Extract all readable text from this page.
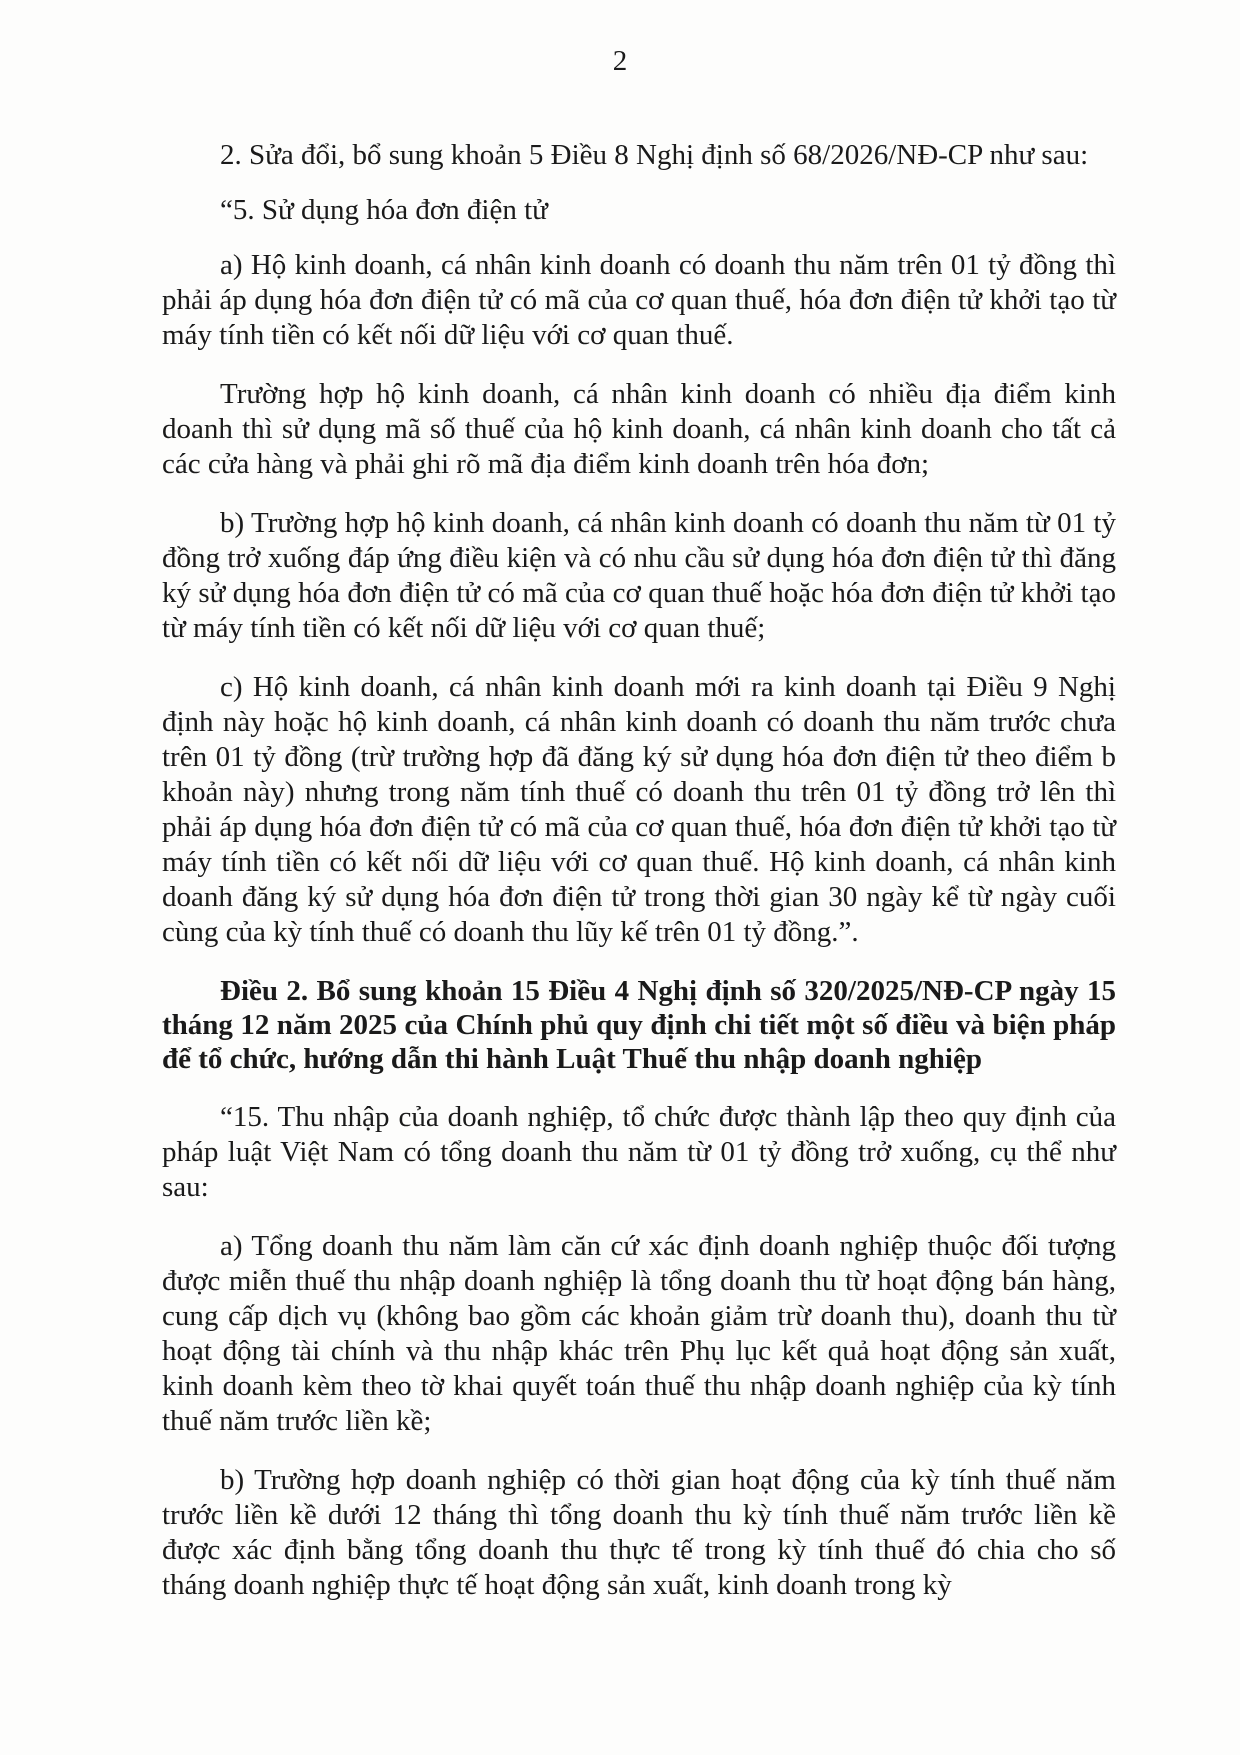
2

2. Sửa đổi, bổ sung khoản 5 Điều 8 Nghị định số 68/2026/NĐ-CP như sau:

“5. Sử dụng hóa đơn điện tử

a) Hộ kinh doanh, cá nhân kinh doanh có doanh thu năm trên 01 tỷ đồng thì phải áp dụng hóa đơn điện tử có mã của cơ quan thuế, hóa đơn điện tử khởi tạo từ máy tính tiền có kết nối dữ liệu với cơ quan thuế.

Trường hợp hộ kinh doanh, cá nhân kinh doanh có nhiều địa điểm kinh doanh thì sử dụng mã số thuế của hộ kinh doanh, cá nhân kinh doanh cho tất cả các cửa hàng và phải ghi rõ mã địa điểm kinh doanh trên hóa đơn;

b) Trường hợp hộ kinh doanh, cá nhân kinh doanh có doanh thu năm từ 01 tỷ đồng trở xuống đáp ứng điều kiện và có nhu cầu sử dụng hóa đơn điện tử thì đăng ký sử dụng hóa đơn điện tử có mã của cơ quan thuế hoặc hóa đơn điện tử khởi tạo từ máy tính tiền có kết nối dữ liệu với cơ quan thuế;

c) Hộ kinh doanh, cá nhân kinh doanh mới ra kinh doanh tại Điều 9 Nghị định này hoặc hộ kinh doanh, cá nhân kinh doanh có doanh thu năm trước chưa trên 01 tỷ đồng (trừ trường hợp đã đăng ký sử dụng hóa đơn điện tử theo điểm b khoản này) nhưng trong năm tính thuế có doanh thu trên 01 tỷ đồng trở lên thì phải áp dụng hóa đơn điện tử có mã của cơ quan thuế, hóa đơn điện tử khởi tạo từ máy tính tiền có kết nối dữ liệu với cơ quan thuế. Hộ kinh doanh, cá nhân kinh doanh đăng ký sử dụng hóa đơn điện tử trong thời gian 30 ngày kể từ ngày cuối cùng của kỳ tính thuế có doanh thu lũy kế trên 01 tỷ đồng.”.

Điều 2. Bổ sung khoản 15 Điều 4 Nghị định số 320/2025/NĐ-CP ngày 15 tháng 12 năm 2025 của Chính phủ quy định chi tiết một số điều và biện pháp để tổ chức, hướng dẫn thi hành Luật Thuế thu nhập doanh nghiệp

“15. Thu nhập của doanh nghiệp, tổ chức được thành lập theo quy định của pháp luật Việt Nam có tổng doanh thu năm từ 01 tỷ đồng trở xuống, cụ thể như sau:

a) Tổng doanh thu năm làm căn cứ xác định doanh nghiệp thuộc đối tượng được miễn thuế thu nhập doanh nghiệp là tổng doanh thu từ hoạt động bán hàng, cung cấp dịch vụ (không bao gồm các khoản giảm trừ doanh thu), doanh thu từ hoạt động tài chính và thu nhập khác trên Phụ lục kết quả hoạt động sản xuất, kinh doanh kèm theo tờ khai quyết toán thuế thu nhập doanh nghiệp của kỳ tính thuế năm trước liền kề;

b) Trường hợp doanh nghiệp có thời gian hoạt động của kỳ tính thuế năm trước liền kề dưới 12 tháng thì tổng doanh thu kỳ tính thuế năm trước liền kề được xác định bằng tổng doanh thu thực tế trong kỳ tính thuế đó chia cho số tháng doanh nghiệp thực tế hoạt động sản xuất, kinh doanh trong kỳ
